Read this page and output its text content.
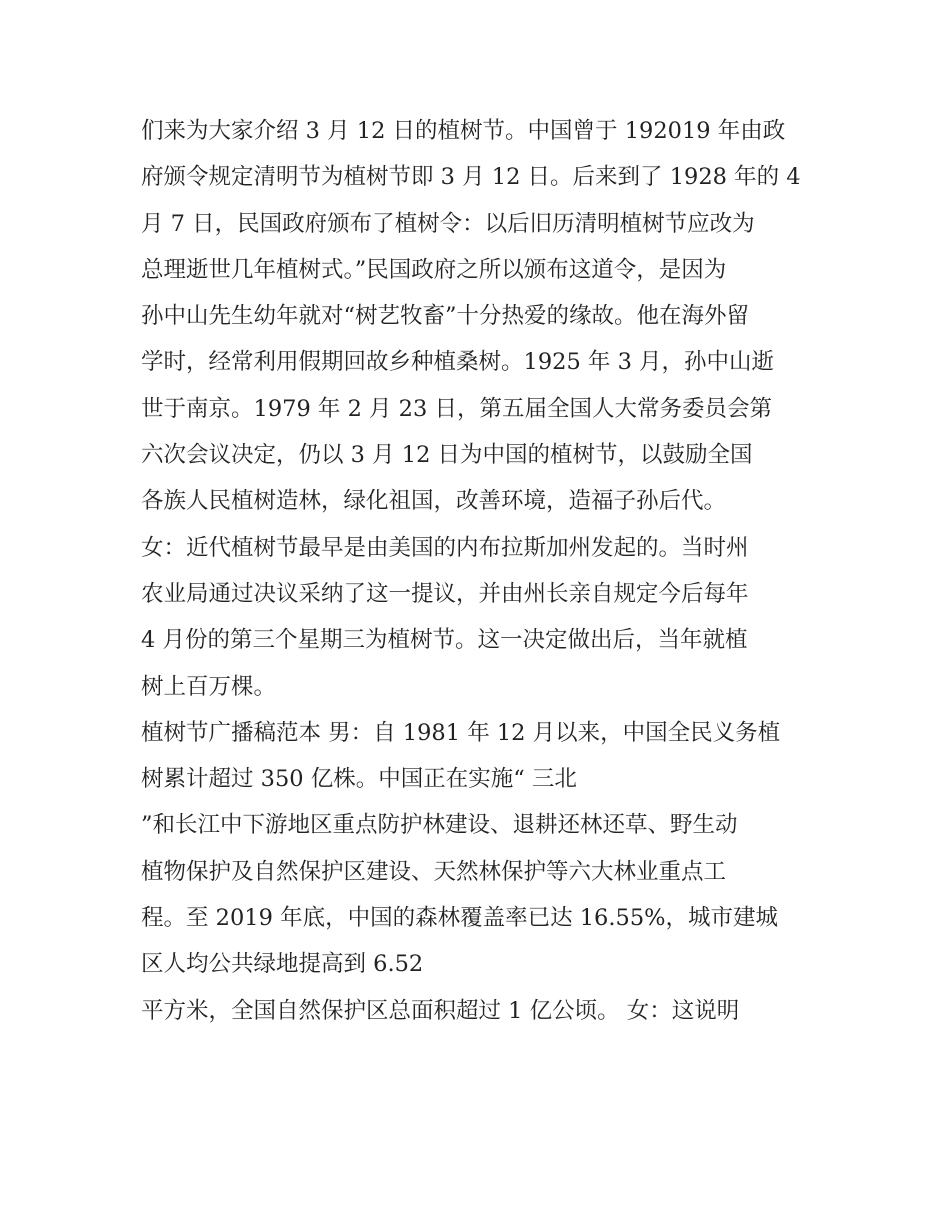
们来为大家介绍 3 月 12 日的植树节。中国曾于 192019 年由政
府颁令规定清明节为植树节即 3 月 12 日。后来到了 1928 年的 4
月 7 日，民国政府颁布了植树令：以后旧历清明植树节应改为
总理逝世几年植树式。”民国政府之所以颁布这道令，是因为
孙中山先生幼年就对“树艺牧畜”十分热爱的缘故。他在海外留
学时，经常利用假期回故乡种植桑树。1925 年 3 月，孙中山逝
世于南京。1979 年 2 月 23 日，第五届全国人大常务委员会第
六次会议决定，仍以 3 月 12 日为中国的植树节，以鼓励全国
各族人民植树造林，绿化祖国，改善环境，造福子孙后代。
女：近代植树节最早是由美国的内布拉斯加州发起的。当时州
农业局通过决议采纳了这一提议，并由州长亲自规定今后每年
4 月份的第三个星期三为植树节。这一决定做出后，当年就植
树上百万棵。
植树节广播稿范本 男：自 1981 年 12 月以来，中国全民义务植
树累计超过 350 亿株。中国正在实施“ 三北
”和长江中下游地区重点防护林建设、退耕还林还草、野生动
植物保护及自然保护区建设、天然林保护等六大林业重点工
程。至 2019 年底，中国的森林覆盖率已达 16.55%，城市建城
区人均公共绿地提高到 6.52
平方米，全国自然保护区总面积超过 1 亿公顷。 女：这说明
